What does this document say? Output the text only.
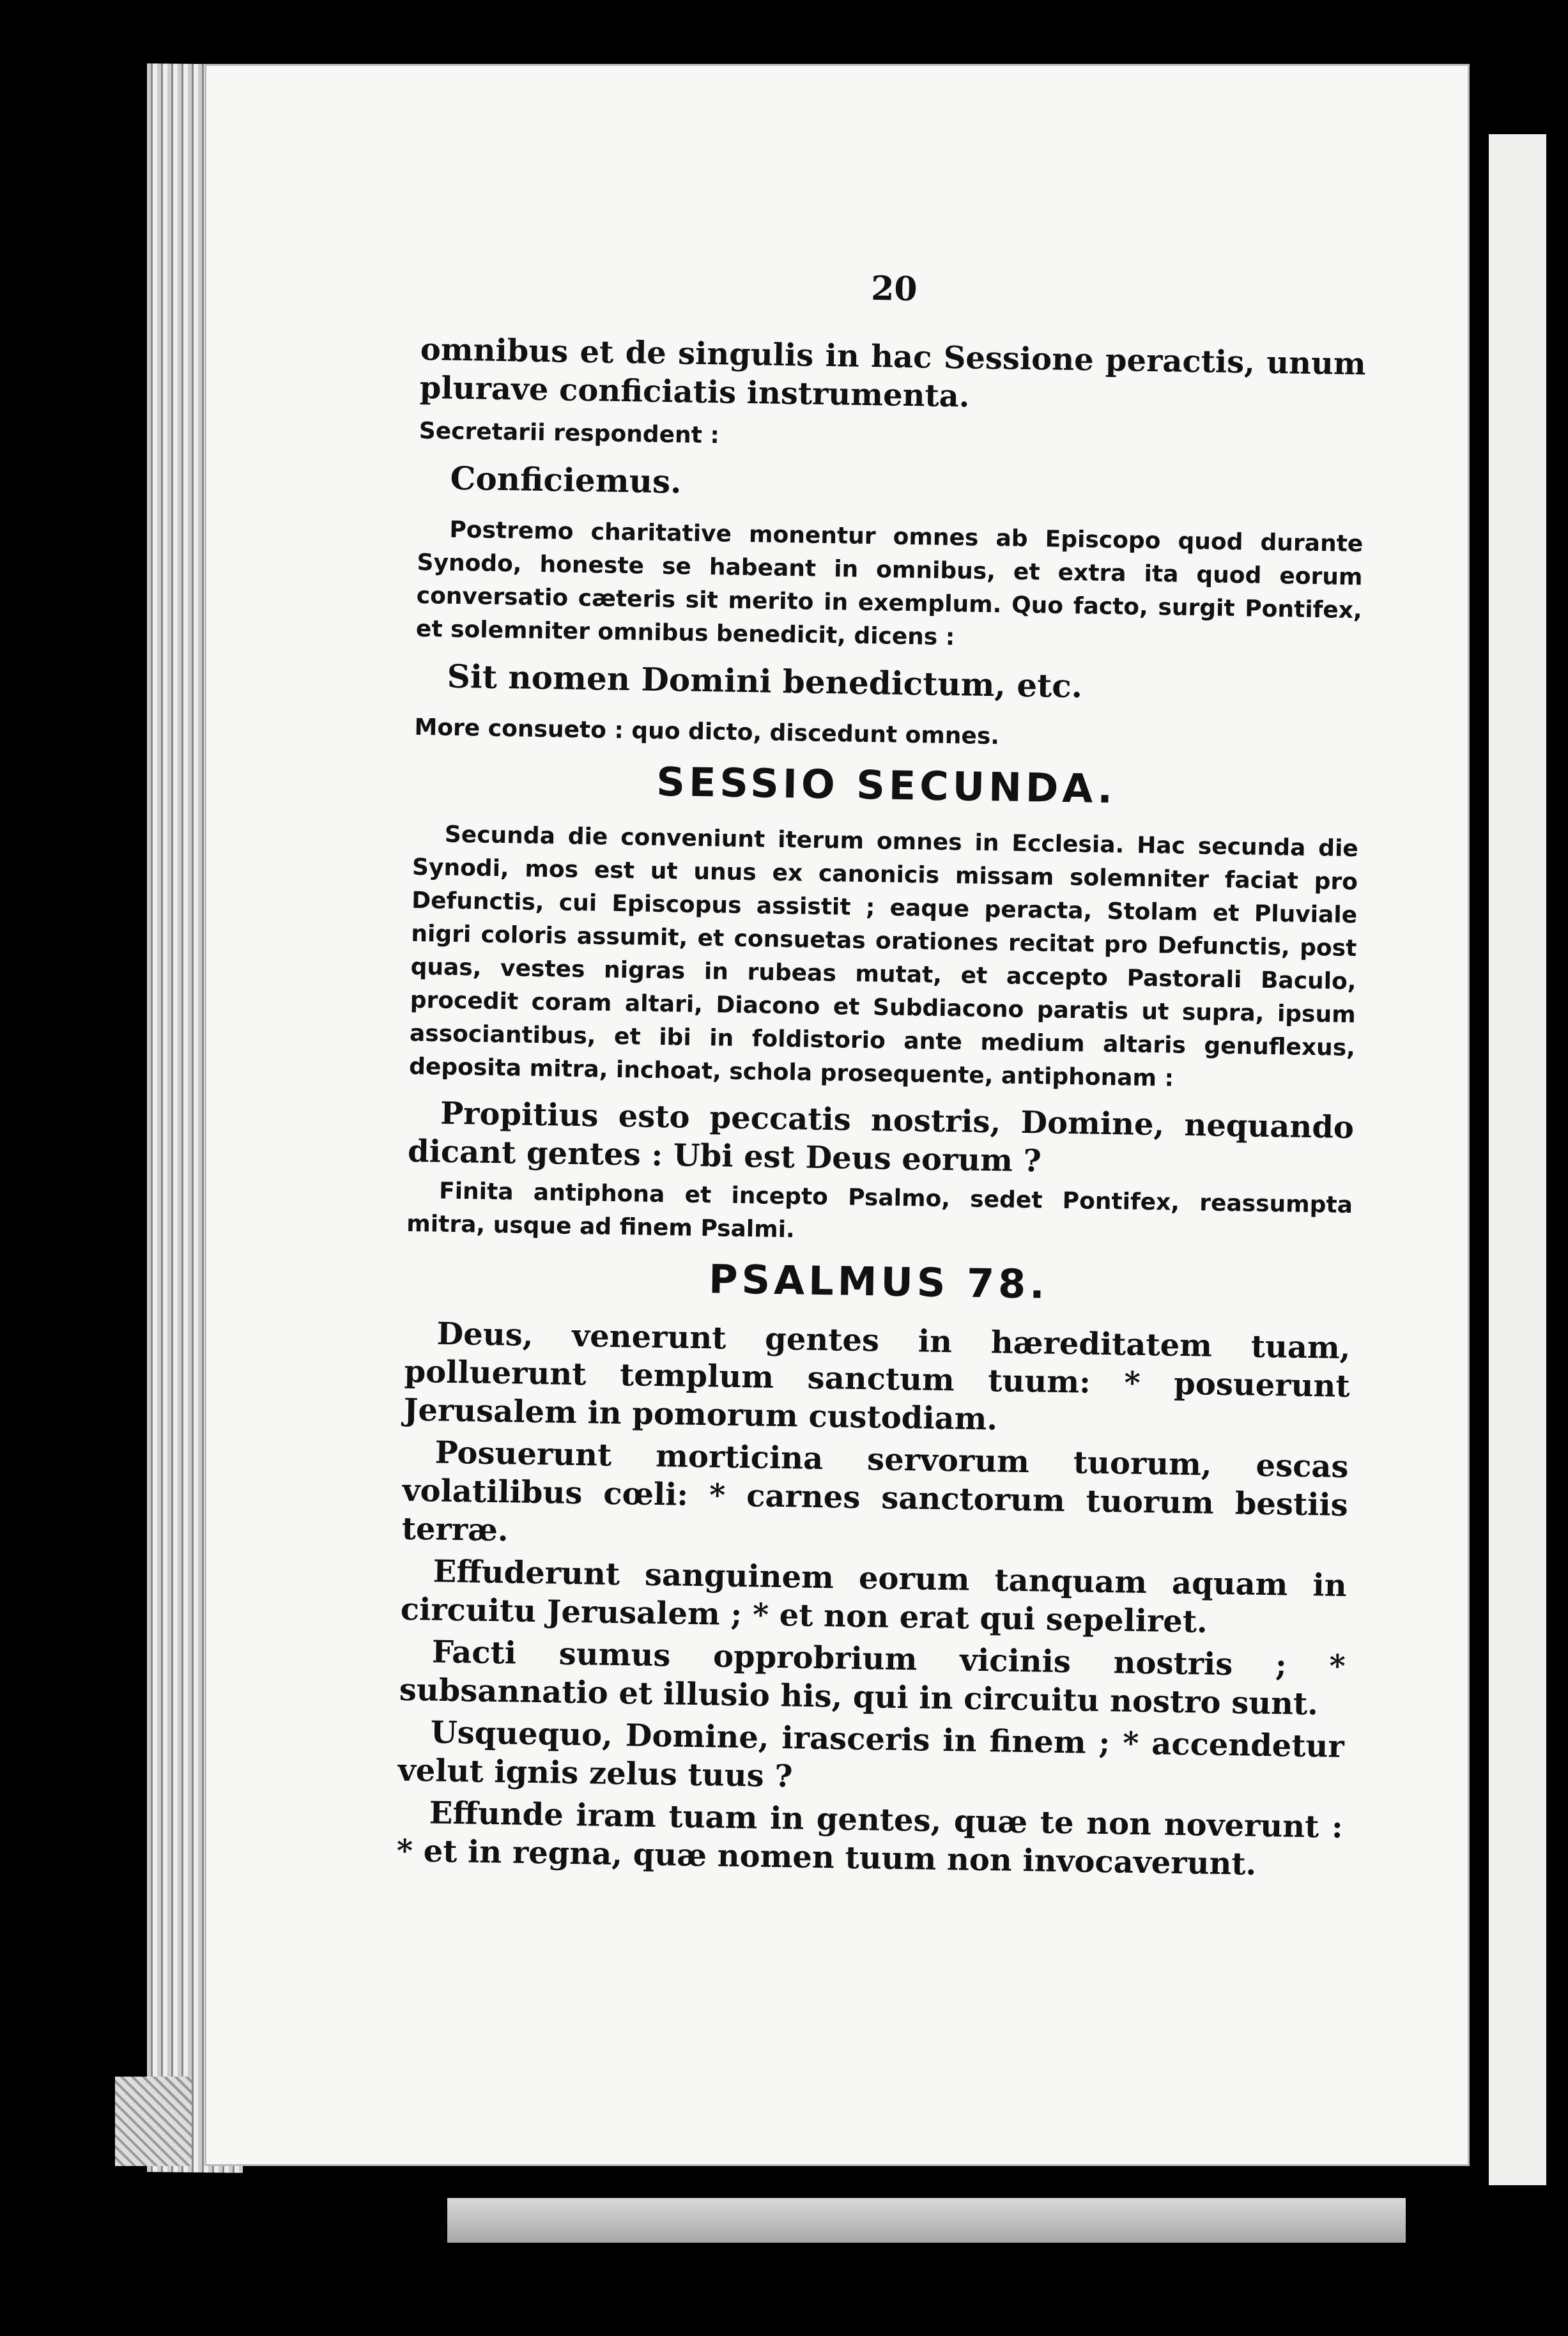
20

omnibus et de singulis in hac Sessione peractis, unum plurave conficiatis instrumenta.

Secretarii respondent :

Conficiemus.

Postremo charitative monentur omnes ab Episcopo quod durante Synodo, honeste se habeant in omnibus, et extra ita quod eorum conversatio cæteris sit merito in exemplum. Quo facto, surgit Pontifex, et solemniter omnibus benedicit, dicens :

Sit nomen Domini benedictum, etc.

More consueto : quo dicto, discedunt omnes.

SESSIO SECUNDA.

Secunda die conveniunt iterum omnes in Ecclesia. Hac secunda die Synodi, mos est ut unus ex canonicis missam solemniter faciat pro Defunctis, cui Episcopus assistit ; eaque peracta, Stolam et Pluviale nigri coloris assumit, et consuetas orationes recitat pro Defunctis, post quas, vestes nigras in rubeas mutat, et accepto Pastorali Baculo, procedit coram altari, Diacono et Subdiacono paratis ut supra, ipsum associantibus, et ibi in foldistorio ante medium altaris genuflexus, deposita mitra, inchoat, schola prosequente, antiphonam :

Propitius esto peccatis nostris, Domine, nequando dicant gentes : Ubi est Deus eorum ?

Finita antiphona et incepto Psalmo, sedet Pontifex, reassumpta mitra, usque ad finem Psalmi.

PSALMUS 78.

Deus, venerunt gentes in hæreditatem tuam, polluerunt templum sanctum tuum: * posuerunt Jerusalem in pomorum custodiam.

Posuerunt morticina servorum tuorum, escas volatilibus cœli: * carnes sanctorum tuorum bestiis terræ.

Effuderunt sanguinem eorum tanquam aquam in circuitu Jerusalem ; * et non erat qui sepeliret.

Facti sumus opprobrium vicinis nostris ; * subsannatio et illusio his, qui in circuitu nostro sunt.

Usquequo, Domine, irasceris in finem ; * accendetur velut ignis zelus tuus ?

Effunde iram tuam in gentes, quæ te non noverunt : * et in regna, quæ nomen tuum non invocaverunt.
